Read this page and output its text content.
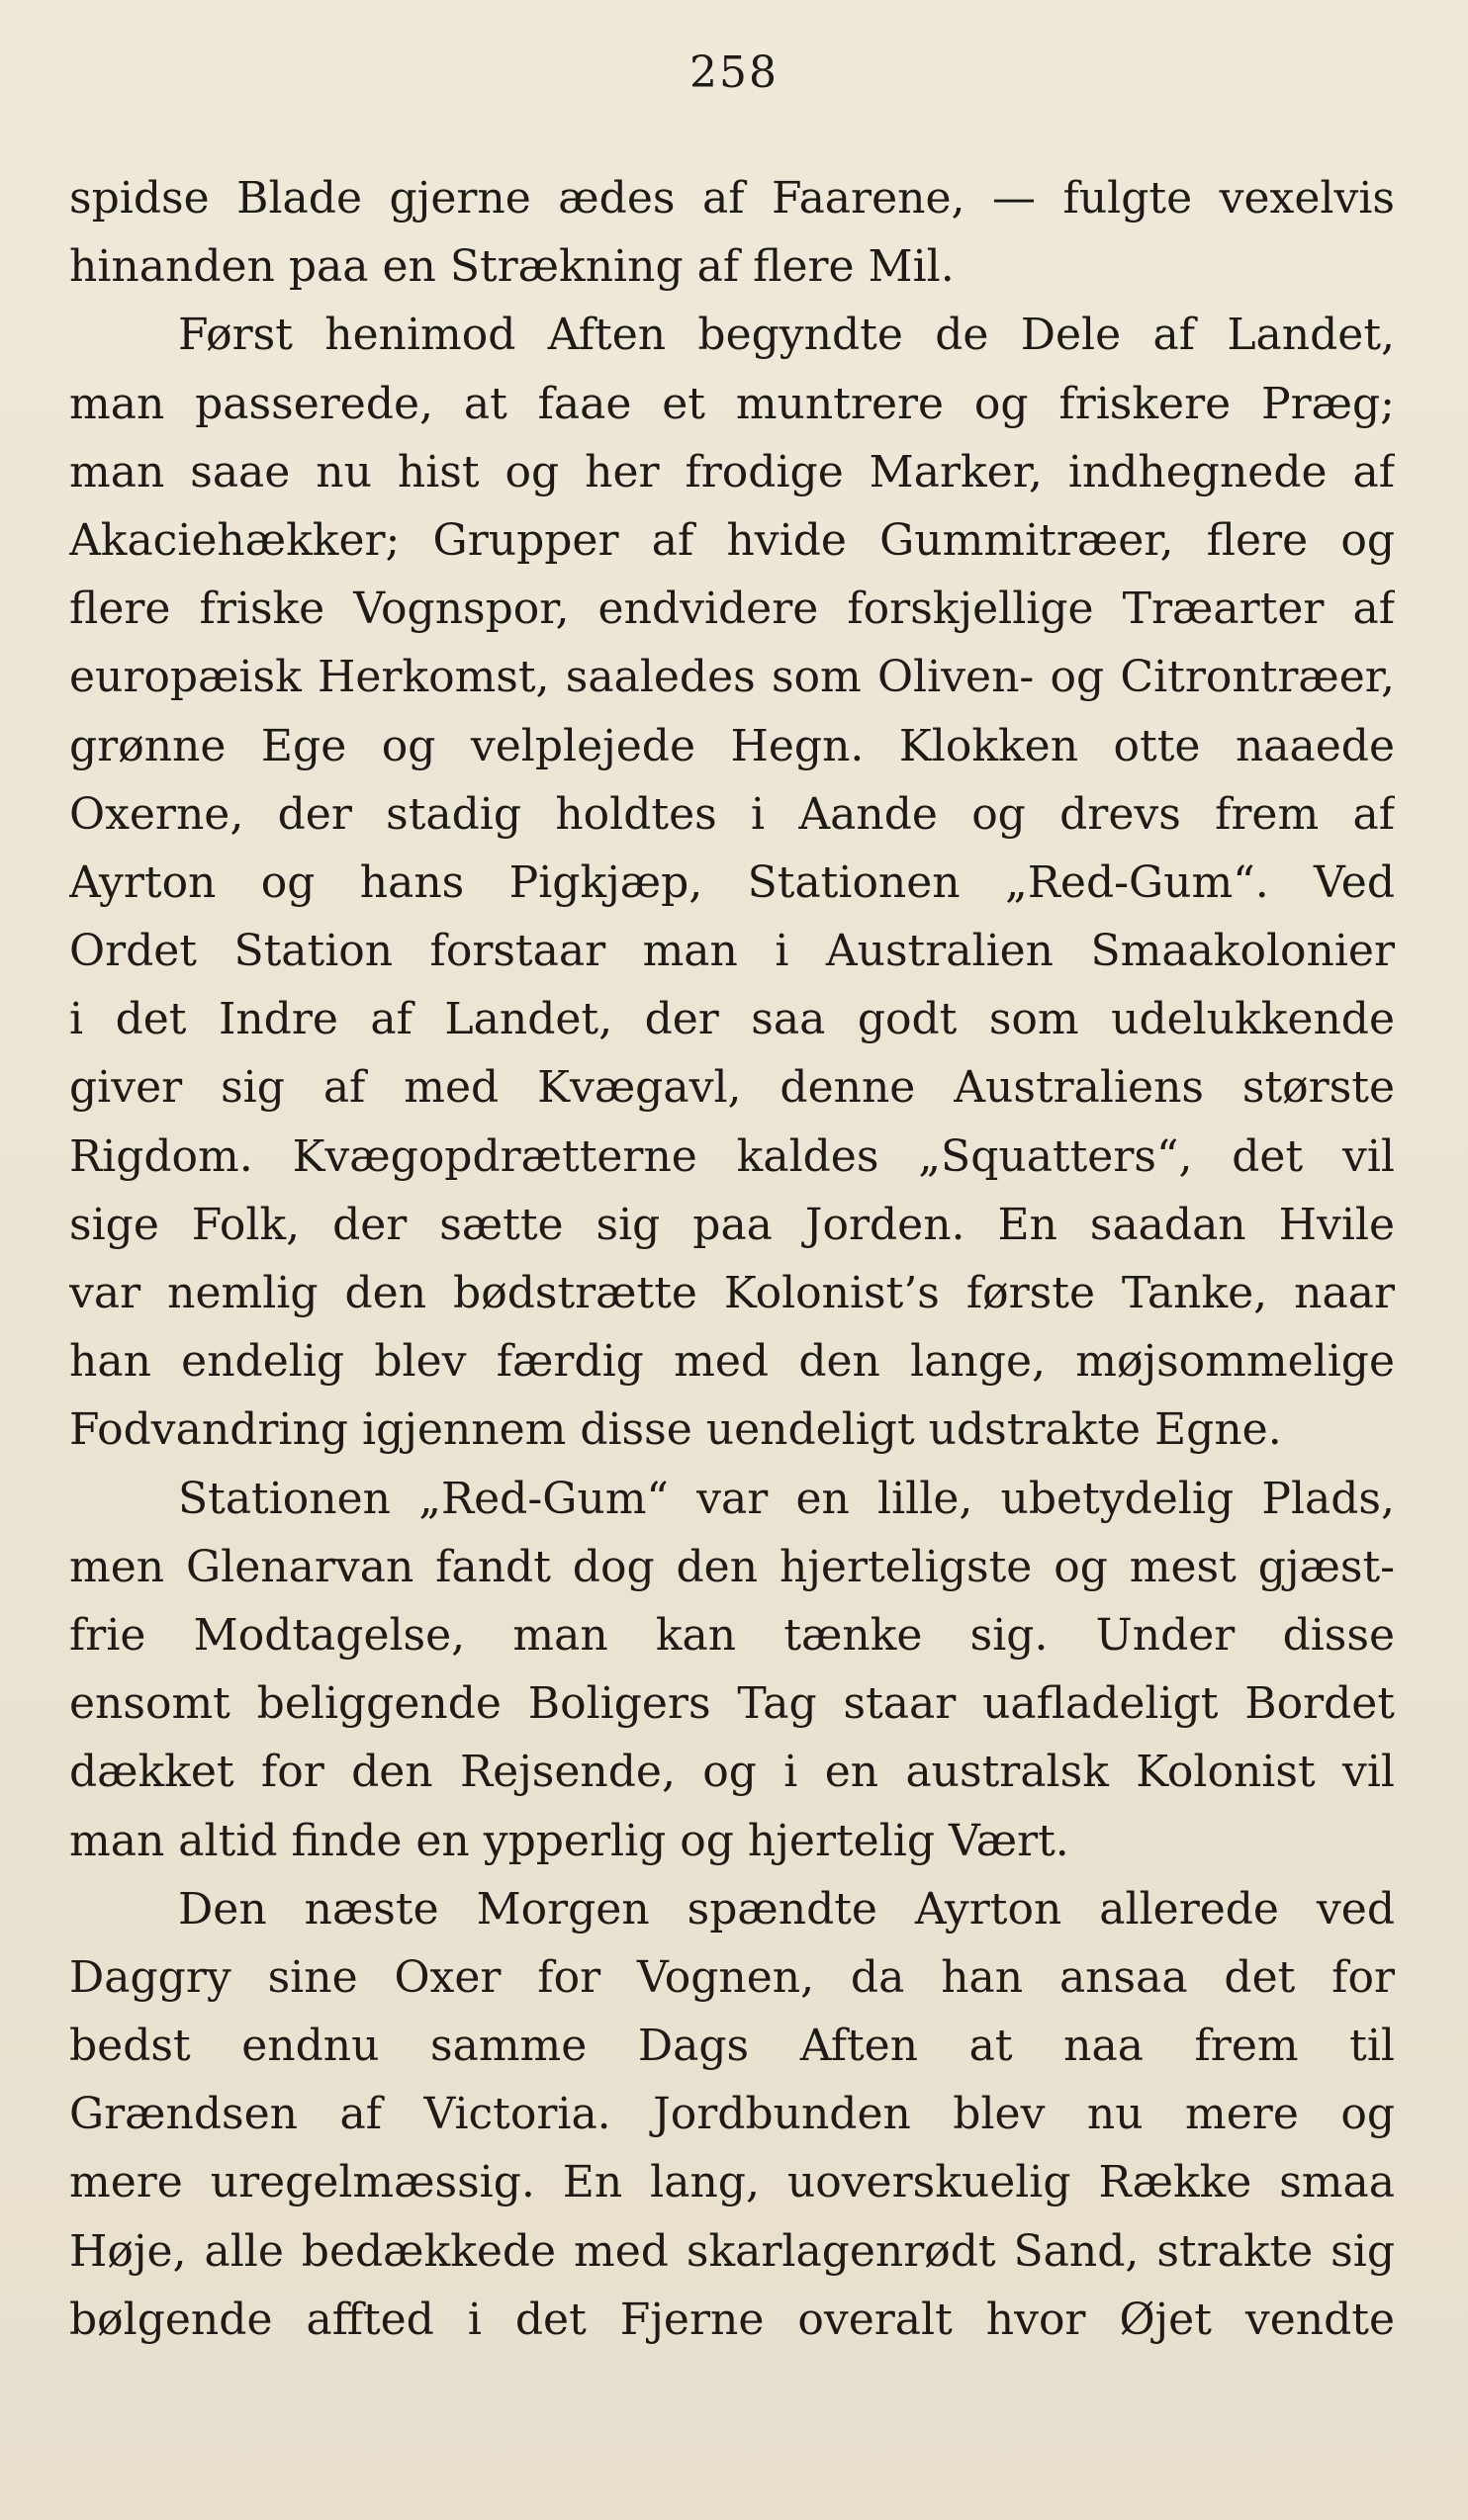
258
spidse Blade gjerne ædes af Faarene, — fulgte vexelvis
hinanden paa en Strækning af flere Mil.
Først henimod Aften begyndte de Dele af Landet,
man passerede, at faae et muntrere og friskere Præg;
man saae nu hist og her frodige Marker, indhegnede af
Akaciehækker; Grupper af hvide Gummitræer, flere og
flere friske Vognspor, endvidere forskjellige Træarter af
europæisk Herkomst, saaledes som Oliven- og Citrontræer,
grønne Ege og velplejede Hegn. Klokken otte naaede
Oxerne, der stadig holdtes i Aande og drevs frem af
Ayrton og hans Pigkjæp, Stationen „Red-Gum“. Ved
Ordet Station forstaar man i Australien Smaakolonier
i det Indre af Landet, der saa godt som udelukkende
giver sig af med Kvægavl, denne Australiens største
Rigdom. Kvægopdrætterne kaldes „Squatters“, det vil
sige Folk, der sætte sig paa Jorden. En saadan Hvile
var nemlig den bødstrætte Kolonist’s første Tanke, naar
han endelig blev færdig med den lange, møjsommelige
Fodvandring igjennem disse uendeligt udstrakte Egne.
Stationen „Red-Gum“ var en lille, ubetydelig Plads,
men Glenarvan fandt dog den hjerteligste og mest gjæst-
frie Modtagelse, man kan tænke sig. Under disse
ensomt beliggende Boligers Tag staar uafladeligt Bordet
dækket for den Rejsende, og i en australsk Kolonist vil
man altid finde en ypperlig og hjertelig Vært.
Den næste Morgen spændte Ayrton allerede ved
Daggry sine Oxer for Vognen, da han ansaa det for
bedst endnu samme Dags Aften at naa frem til
Grændsen af Victoria. Jordbunden blev nu mere og
mere uregelmæssig. En lang, uoverskuelig Række smaa
Høje, alle bedækkede med skarlagenrødt Sand, strakte sig
bølgende affted i det Fjerne overalt hvor Øjet vendte
